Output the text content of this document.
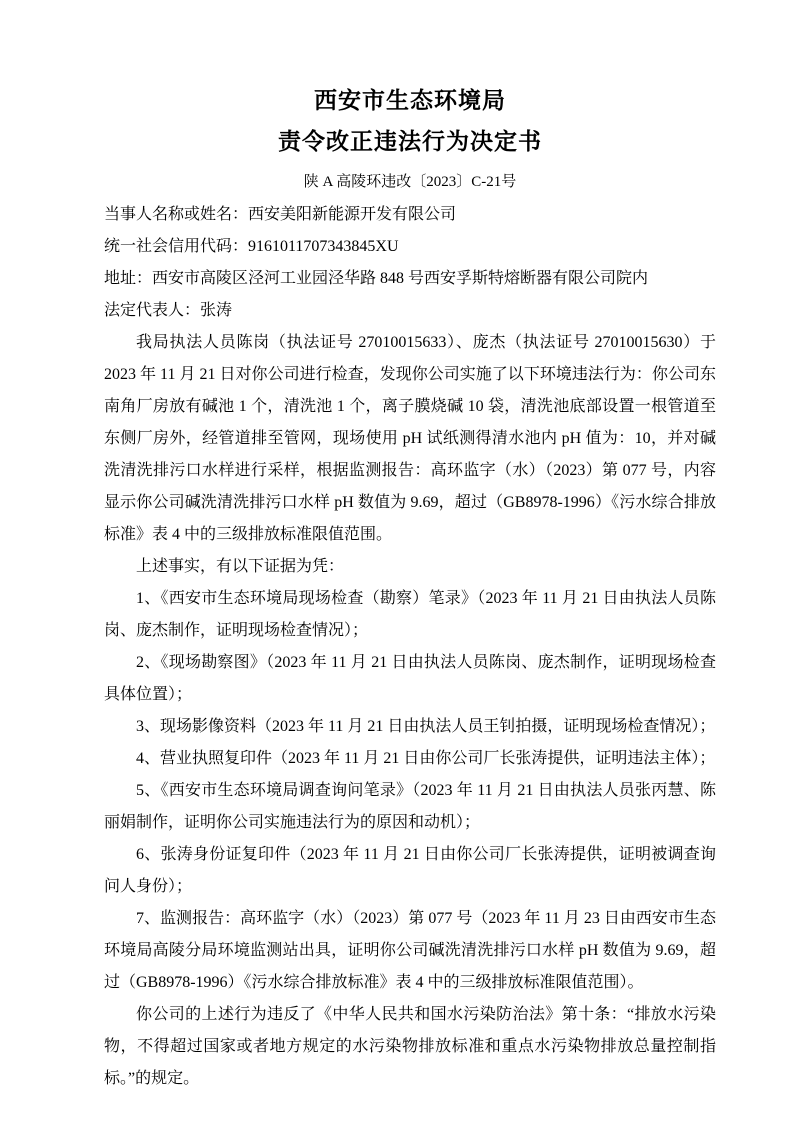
西安市生态环境局
责令改正违法行为决定书
陕 A 高陵环违改〔2023〕C-21号
当事人名称或姓名：西安美阳新能源开发有限公司
统一社会信用代码：9161011707343845XU
地址：西安市高陵区泾河工业园泾华路 848 号西安孚斯特熔断器有限公司院内
法定代表人：张涛

我局执法人员陈岗（执法证号 27010015633）、庞杰（执法证号 27010015630）于 2023 年 11 月 21 日对你公司进行检查，发现你公司实施了以下环境违法行为：你公司东南角厂房放有碱池 1 个，清洗池 1 个，离子膜烧碱 10 袋，清洗池底部设置一根管道至东侧厂房外，经管道排至管网，现场使用 pH 试纸测得清水池内 pH 值为：10，并对碱洗清洗排污口水样进行采样，根据监测报告：高环监字（水）（2023）第 077 号，内容显示你公司碱洗清洗排污口水样 pH 数值为 9.69，超过（GB8978-1996）《污水综合排放标准》表 4 中的三级排放标准限值范围。

上述事实，有以下证据为凭：

1、《西安市生态环境局现场检查（勘察）笔录》（2023 年 11 月 21 日由执法人员陈岗、庞杰制作，证明现场检查情况）；

2、《现场勘察图》（2023 年 11 月 21 日由执法人员陈岗、庞杰制作，证明现场检查具体位置）；

3、现场影像资料（2023 年 11 月 21 日由执法人员王钊拍摄，证明现场检查情况）；

4、营业执照复印件（2023 年 11 月 21 日由你公司厂长张涛提供，证明违法主体）；

5、《西安市生态环境局调查询问笔录》（2023 年 11 月 21 日由执法人员张丙慧、陈丽娟制作，证明你公司实施违法行为的原因和动机）；

6、张涛身份证复印件（2023 年 11 月 21 日由你公司厂长张涛提供，证明被调查询问人身份）；

7、监测报告：高环监字（水）（2023）第 077 号（2023 年 11 月 23 日由西安市生态环境局高陵分局环境监测站出具，证明你公司碱洗清洗排污口水样 pH 数值为 9.69，超过（GB8978-1996）《污水综合排放标准》表 4 中的三级排放标准限值范围）。

你公司的上述行为违反了《中华人民共和国水污染防治法》第十条：“排放水污染物，不得超过国家或者地方规定的水污染物排放标准和重点水污染物排放总量控制指标。”的规定。
